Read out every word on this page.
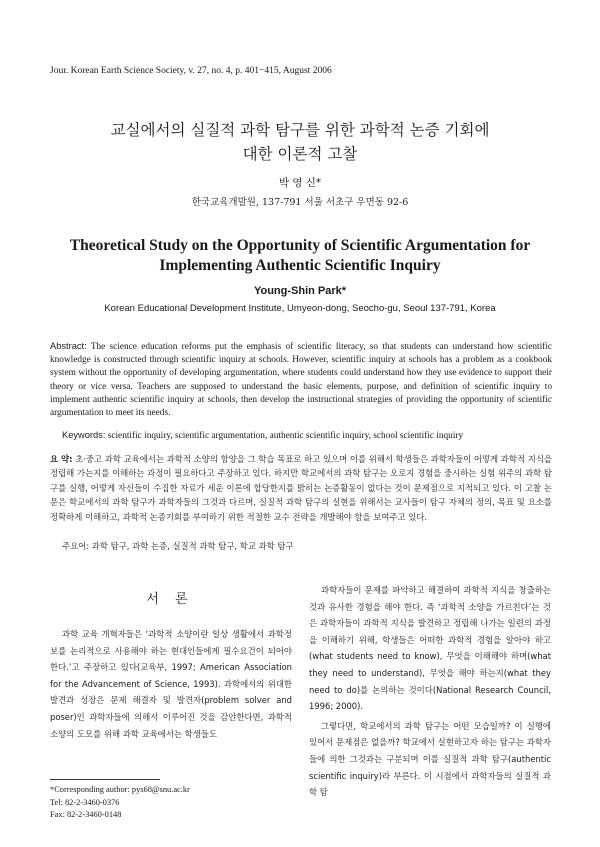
Jour. Korean Earth Science Society, v. 27, no. 4, p. 401−415, August 2006
교실에서의 실질적 과학 탐구를 위한 과학적 논증 기회에
대한 이론적 고찰
박 영 신*
한국교육개발원, 137-791 서울 서초구 우면동 92-6
Theoretical Study on the Opportunity of Scientific Argumentation for
Implementing Authentic Scientific Inquiry
Young-Shin Park*
Korean Educational Development Institute, Umyeon-dong, Seocho-gu, Seoul 137-791, Korea
Abstract: The science education reforms put the emphasis of scientific literacy, so that students can understand how scientific knowledge is constructed through scientific inquiry at schools. However, scientific inquiry at schools has a problem as a cookbook system without the opportunity of developing argumentation, where students could understand how they use evidence to support their theory or vice versa. Teachers are supposed to understand the basic elements, purpose, and definition of scientific inquiry to implement authentic scientific inquiry at schools, then develop the instructional strategies of providing the opportunity of scientific argumentation to meet its needs.
Keywords: scientific inquiry, scientific argumentation, authentic scientific inquiry, school scientific inquiry
요 약: 초·중고 과학 교육에서는 과학적 소양의 함양을 그 학습 목표로 하고 있으며 이를 위해서 학생들은 과학자들이 어떻게 과학적 지식을 정립해 가는지를 이해하는 과정이 필요하다고 주장하고 있다. 하지만 학교에서의 과학 탐구는 오로지 경험을 중시하는 실험 위주의 과학 탐구를 실행, 어떻게 자신들이 수집한 자료가 세운 이론에 합당한지를 밝히는 논증활동이 없다는 것이 문제점으로 지적되고 있다. 이 고찰 논문은 학교에서의 과학 탐구가 과학자들의 그것과 다르며, 실질적 과학 탐구의 실현을 위해서는 교사들이 탐구 자체의 정의, 목표 및 요소를 정확하게 이해하고, 과학적 논증기회를 부여하기 위한 적절한 교수 전략을 개발해야 함을 보여주고 있다.
주요어: 과학 탐구, 과학 논증, 실질적 과학 탐구, 학교 과학 탐구
서 론

과학 교육 개혁자들은 ‘과학적 소양이란 일상 생활에서 과학정보를 논리적으로 사용해야 하는 현대인들에게 필수요건이 되어야 한다.’고 주장하고 있다(교육부, 1997; American Association for the Advancement of Science, 1993). 과학에서의 위대한 발견과 성장은 문제 해결자 및 발견자(problem solver and poser)인 과학자들에 의해서 이루어진 것을 감안한다면, 과학적 소양의 도모를 위해 과학 교육에서는 학생들도

과학자들이 문제를 파악하고 해결하여 과학적 지식을 창출하는 것과 유사한 경험을 해야 한다. 즉 ‘과학적 소양을 가르친다’는 것은 과학자들이 과학적 지식을 발견하고 정립해 나가는 일련의 과정을 이해하기 위해, 학생들은 어떠한 과학적 경험을 알아야 하고(what students need to know), 무엇을 이해해야 하며(what they need to understand), 무엇을 해야 하는지(what they need to do)를 논의하는 것이다(National Research Council, 1996; 2000).

그렇다면, 학교에서의 과학 탐구는 어떤 모습일까? 이 실행에 있어서 문제점은 없을까? 학교에서 실현하고자 하는 탐구는 과학자들에 의한 그것과는 구분되며 이를 실질적 과학 탐구(authentic scientific inquiry)라 부른다. 이 시점에서 과학자들의 실질적 과학 탐

*Corresponding author: pys68@snu.ac.kr
Tel: 82-2-3460-0376
Fax: 82-2-3460-0148
